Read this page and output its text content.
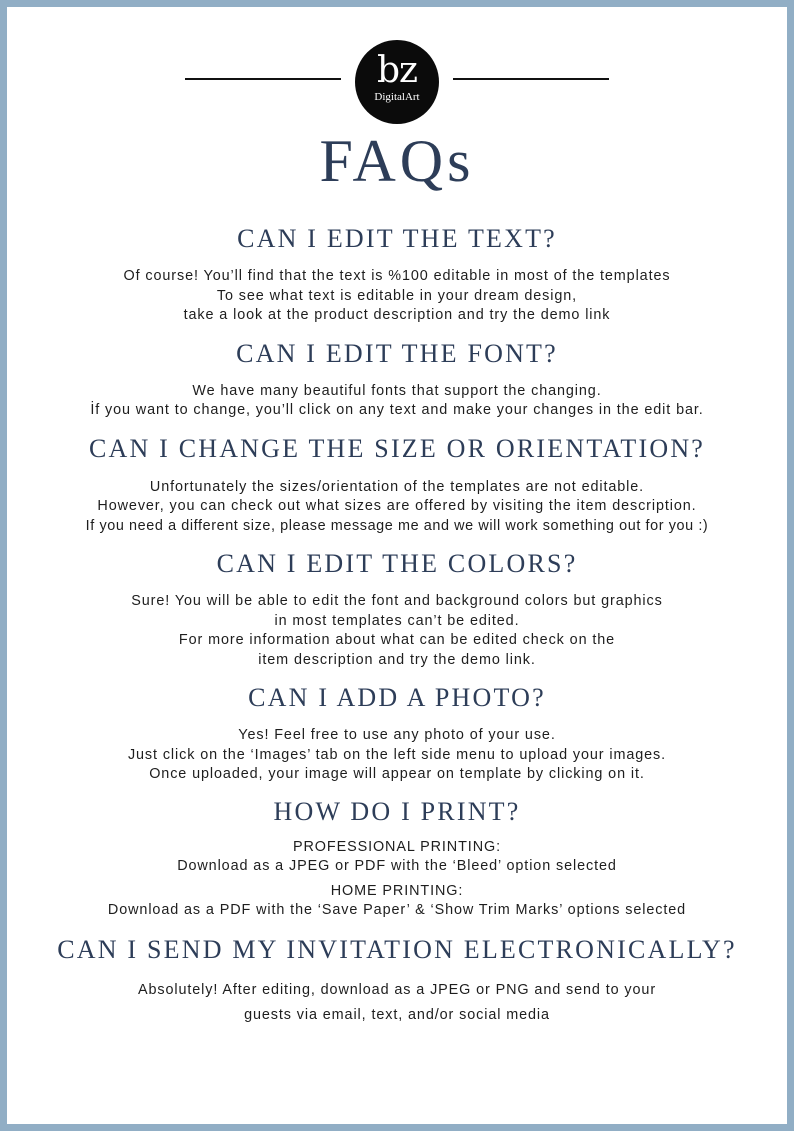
bz
DigitalArt
FAQs
CAN I EDIT THE TEXT?
Of course! You’ll find that the text is %100 editable in most of the templates
To see what text is editable in your dream design,
take a look at the product description and try the demo link
CAN I EDIT THE FONT?
We have many beautiful fonts that support the changing.
İf you want to change, you’ll click on any text and make your changes in the edit bar.
CAN I CHANGE THE SIZE OR ORIENTATION?
Unfortunately the sizes/orientation of the templates are not editable.
However, you can check out what sizes are offered by visiting the item description.
If you need a different size, please message me and we will work something out for you :)
CAN I EDIT THE COLORS?
Sure! You will be able to edit the font and background colors but graphics
in most templates can’t be edited.
For more information about what can be edited check on the
item description and try the demo link.
CAN I ADD A PHOTO?
Yes! Feel free to use any photo of your use.
Just click on the ‘Images’ tab on the left side menu to upload your images.
Once uploaded, your image will appear on template by clicking on it.
HOW DO I PRINT?
PROFESSIONAL PRINTING:
Download as a JPEG or PDF with the ‘Bleed’ option selected
HOME PRINTING:
Download as a PDF with the ‘Save Paper’ & ‘Show Trim Marks’ options selected
CAN I SEND MY INVITATION ELECTRONICALLY?
Absolutely! After editing, download as a JPEG or PNG and send to your
guests via email, text, and/or social media
